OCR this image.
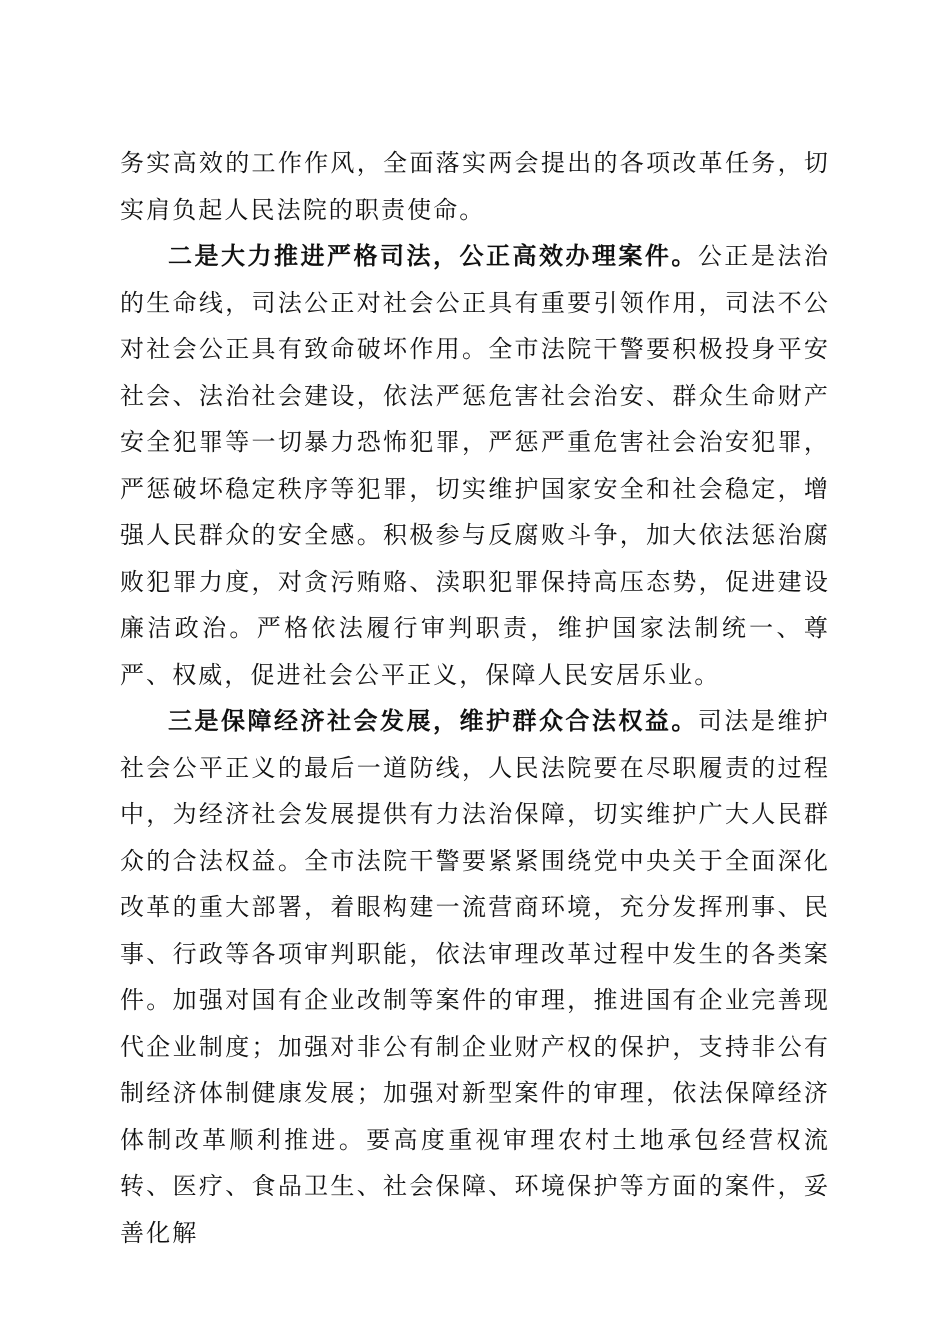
务实高效的工作作风，全面落实两会提出的各项改革任务，切实肩负起人民法院的职责使命。

二是大力推进严格司法，公正高效办理案件。公正是法治的生命线，司法公正对社会公正具有重要引领作用，司法不公对社会公正具有致命破坏作用。全市法院干警要积极投身平安社会、法治社会建设，依法严惩危害社会治安、群众生命财产安全犯罪等一切暴力恐怖犯罪，严惩严重危害社会治安犯罪，严惩破坏稳定秩序等犯罪，切实维护国家安全和社会稳定，增强人民群众的安全感。积极参与反腐败斗争，加大依法惩治腐败犯罪力度，对贪污贿赂、渎职犯罪保持高压态势，促进建设廉洁政治。严格依法履行审判职责，维护国家法制统一、尊严、权威，促进社会公平正义，保障人民安居乐业。

三是保障经济社会发展，维护群众合法权益。司法是维护社会公平正义的最后一道防线，人民法院要在尽职履责的过程中，为经济社会发展提供有力法治保障，切实维护广大人民群众的合法权益。全市法院干警要紧紧围绕党中央关于全面深化改革的重大部署，着眼构建一流营商环境，充分发挥刑事、民事、行政等各项审判职能，依法审理改革过程中发生的各类案件。加强对国有企业改制等案件的审理，推进国有企业完善现代企业制度；加强对非公有制企业财产权的保护，支持非公有制经济体制健康发展；加强对新型案件的审理，依法保障经济体制改革顺利推进。要高度重视审理农村土地承包经营权流转、医疗、食品卫生、社会保障、环境保护等方面的案件，妥善化解
